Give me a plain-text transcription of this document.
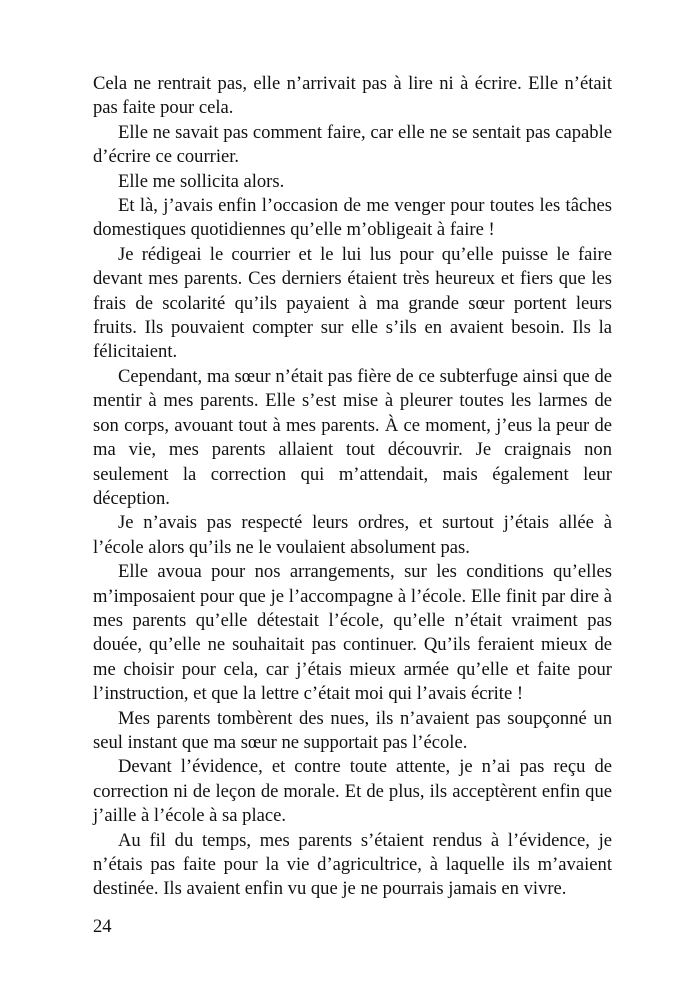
Cela ne rentrait pas, elle n’arrivait pas à lire ni à écrire. Elle n’était pas faite pour cela.

Elle ne savait pas comment faire, car elle ne se sentait pas capable d’écrire ce courrier.

Elle me sollicita alors.

Et là, j’avais enfin l’occasion de me venger pour toutes les tâches domestiques quotidiennes qu’elle m’obligeait à faire !

Je rédigeai le courrier et le lui lus pour qu’elle puisse le faire devant mes parents. Ces derniers étaient très heureux et fiers que les frais de scolarité qu’ils payaient à ma grande sœur portent leurs fruits. Ils pouvaient compter sur elle s’ils en avaient besoin. Ils la félicitaient.

Cependant, ma sœur n’était pas fière de ce subterfuge ainsi que de mentir à mes parents. Elle s’est mise à pleurer toutes les larmes de son corps, avouant tout à mes parents. À ce moment, j’eus la peur de ma vie, mes parents allaient tout découvrir. Je craignais non seulement la correction qui m’attendait, mais également leur déception.

Je n’avais pas respecté leurs ordres, et surtout j’étais allée à l’école alors qu’ils ne le voulaient absolument pas.

Elle avoua pour nos arrangements, sur les conditions qu’elles m’imposaient pour que je l’accompagne à l’école. Elle finit par dire à mes parents qu’elle détestait l’école, qu’elle n’était vraiment pas douée, qu’elle ne souhaitait pas continuer. Qu’ils feraient mieux de me choisir pour cela, car j’étais mieux armée qu’elle et faite pour l’instruction, et que la lettre c’était moi qui l’avais écrite !

Mes parents tombèrent des nues, ils n’avaient pas soupçonné un seul instant que ma sœur ne supportait pas l’école.

Devant l’évidence, et contre toute attente, je n’ai pas reçu de correction ni de leçon de morale. Et de plus, ils acceptèrent enfin que j’aille à l’école à sa place.

Au fil du temps, mes parents s’étaient rendus à l’évidence, je n’étais pas faite pour la vie d’agricultrice, à laquelle ils m’avaient destinée. Ils avaient enfin vu que je ne pourrais jamais en vivre.

24
